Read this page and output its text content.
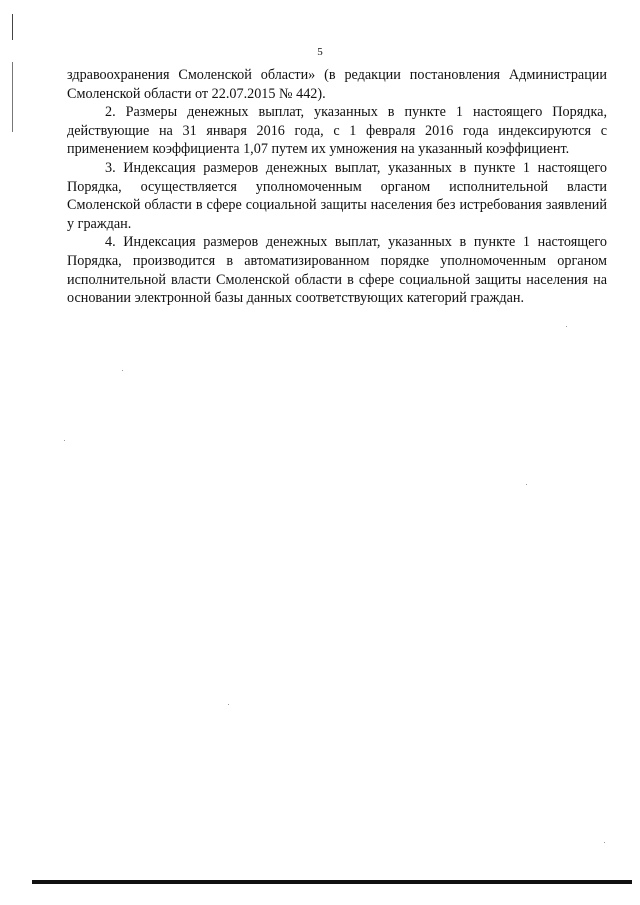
5

здравоохранения Смоленской области» (в редакции постановления Администрации Смоленской области от 22.07.2015 № 442).

2. Размеры денежных выплат, указанных в пункте 1 настоящего Порядка, действующие на 31 января 2016 года, с 1 февраля 2016 года индексируются с применением коэффициента 1,07 путем их умножения на указанный коэффициент.

3. Индексация размеров денежных выплат, указанных в пункте 1 настоящего Порядка, осуществляется уполномоченным органом исполнительной власти Смоленской области в сфере социальной защиты населения без истребования заявлений у граждан.

4. Индексация размеров денежных выплат, указанных в пункте 1 настоящего Порядка, производится в автоматизированном порядке уполномоченным органом исполнительной власти Смоленской области в сфере социальной защиты населения на основании электронной базы данных соответствующих категорий граждан.
